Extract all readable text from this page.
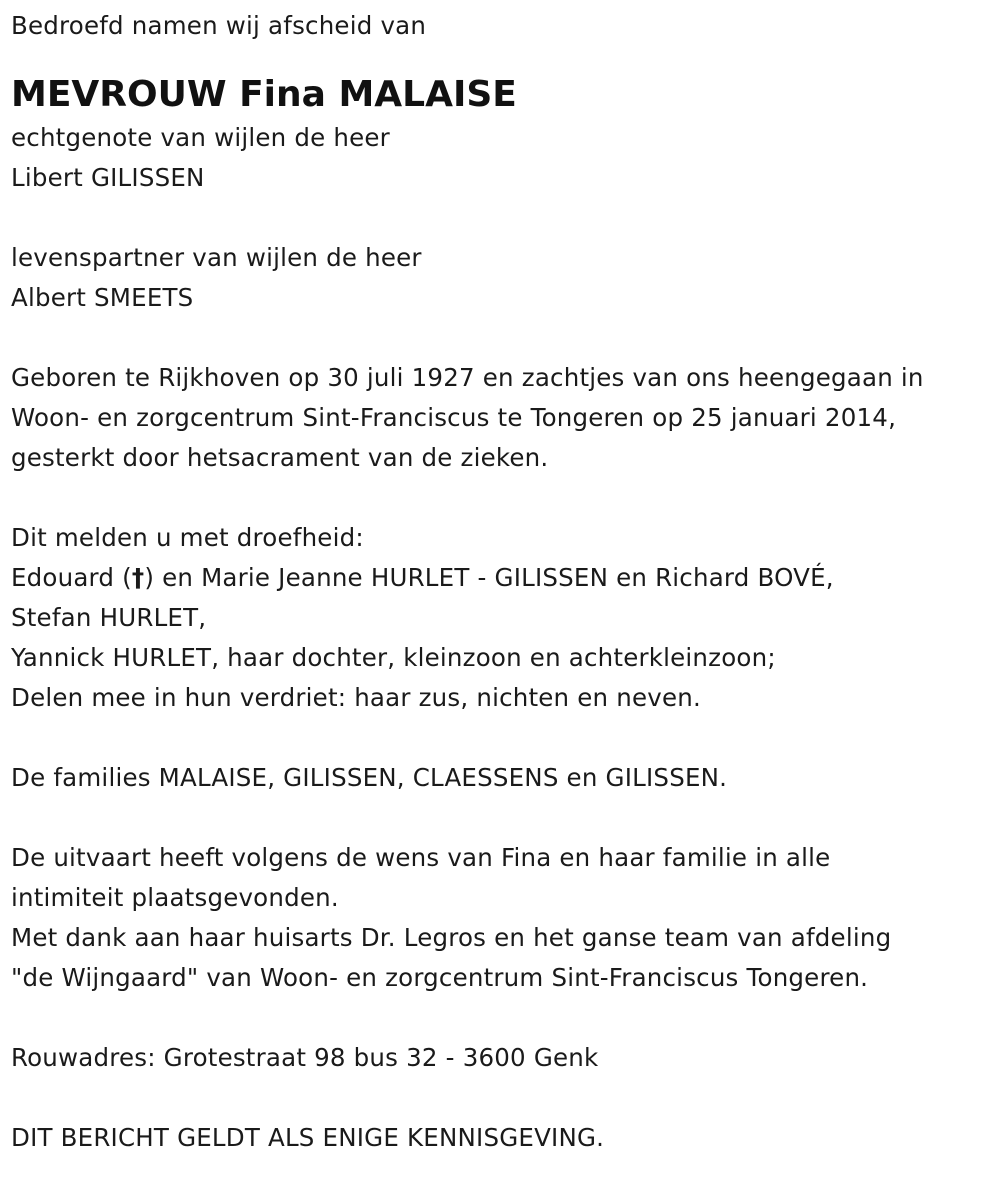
Bedroefd namen wij afscheid van
MEVROUW Fina MALAISE
echtgenote van wijlen de heer
Libert GILISSEN
levenspartner van wijlen de heer
Albert SMEETS
Geboren te Rijkhoven op 30 juli 1927 en zachtjes van ons heengegaan in
Woon- en zorgcentrum Sint-Franciscus te Tongeren op 25 januari 2014,
gesterkt door hetsacrament van de zieken.
Dit melden u met droefheid:
Edouard (†) en Marie Jeanne HURLET - GILISSEN en Richard BOVÉ,
Stefan HURLET,
Yannick HURLET, haar dochter, kleinzoon en achterkleinzoon;
Delen mee in hun verdriet: haar zus, nichten en neven.
De families MALAISE, GILISSEN, CLAESSENS en GILISSEN.
De uitvaart heeft volgens de wens van Fina en haar familie in alle
intimiteit plaatsgevonden.
Met dank aan haar huisarts Dr. Legros en het ganse team van afdeling
"de Wijngaard" van Woon- en zorgcentrum Sint-Franciscus Tongeren.
Rouwadres: Grotestraat 98 bus 32 - 3600 Genk
DIT BERICHT GELDT ALS ENIGE KENNISGEVING.
